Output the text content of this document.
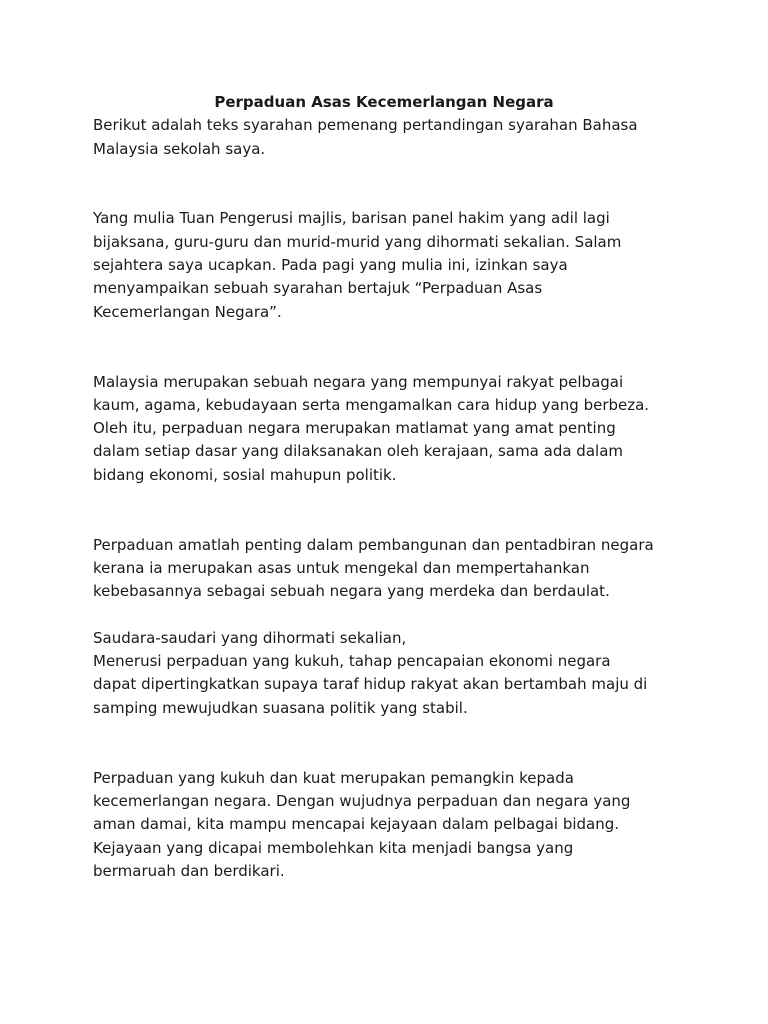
Perpaduan Asas Kecemerlangan Negara
Berikut adalah teks syarahan pemenang pertandingan syarahan Bahasa
Malaysia sekolah saya.
Yang mulia Tuan Pengerusi majlis, barisan panel hakim yang adil lagi
bijaksana, guru-guru dan murid-murid yang dihormati sekalian. Salam
sejahtera saya ucapkan. Pada pagi yang mulia ini, izinkan saya
menyampaikan sebuah syarahan bertajuk “Perpaduan Asas
Kecemerlangan Negara”.
Malaysia merupakan sebuah negara yang mempunyai rakyat pelbagai
kaum, agama, kebudayaan serta mengamalkan cara hidup yang berbeza.
Oleh itu, perpaduan negara merupakan matlamat yang amat penting
dalam setiap dasar yang dilaksanakan oleh kerajaan, sama ada dalam
bidang ekonomi, sosial mahupun politik.
Perpaduan amatlah penting dalam pembangunan dan pentadbiran negara
kerana ia merupakan asas untuk mengekal dan mempertahankan
kebebasannya sebagai sebuah negara yang merdeka dan berdaulat.
Saudara-saudari yang dihormati sekalian,
Menerusi perpaduan yang kukuh, tahap pencapaian ekonomi negara
dapat dipertingkatkan supaya taraf hidup rakyat akan bertambah maju di
samping mewujudkan suasana politik yang stabil.
Perpaduan yang kukuh dan kuat merupakan pemangkin kepada
kecemerlangan negara. Dengan wujudnya perpaduan dan negara yang
aman damai, kita mampu mencapai kejayaan dalam pelbagai bidang.
Kejayaan yang dicapai membolehkan kita menjadi bangsa yang
bermaruah dan berdikari.
